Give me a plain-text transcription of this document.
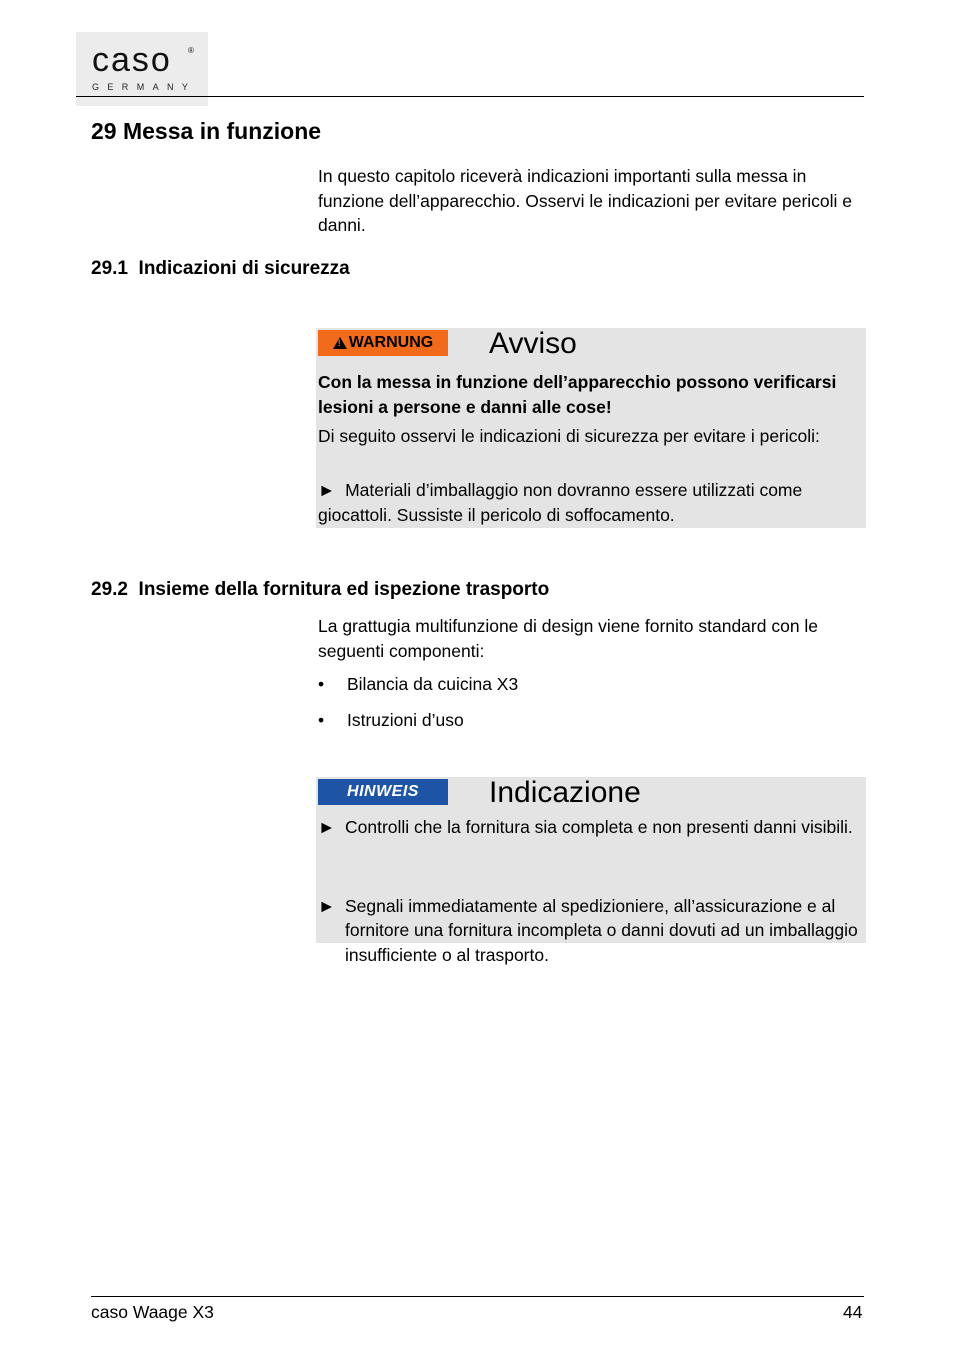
caso ®
GERMANY
29 Messa in funzione
In questo capitolo riceverà indicazioni importanti sulla messa in funzione dell’apparecchio. Osservi le indicazioni per evitare pericoli e danni.
29.1  Indicazioni di sicurezza
!
WARNUNG Avviso
Con la messa in funzione dell’apparecchio possono verificarsi lesioni a persone e danni alle cose!
Di seguito osservi le indicazioni di sicurezza per evitare i pericoli:
► Materiali d’imballaggio non dovranno essere utilizzati come giocattoli. Sussiste il pericolo di soffocamento.
29.2  Insieme della fornitura ed ispezione trasporto
La grattugia multifunzione di design viene fornito standard con le seguenti componenti:
• Bilancia da cuicina X3
• Istruzioni d’uso
HINWEIS Indicazione
► Controlli che la fornitura sia completa e non presenti danni visibili.
► Segnali immediatamente al spedizioniere, all’assicurazione e al fornitore una fornitura incompleta o danni dovuti ad un imballaggio insufficiente o al trasporto.
caso Waage X3	44
